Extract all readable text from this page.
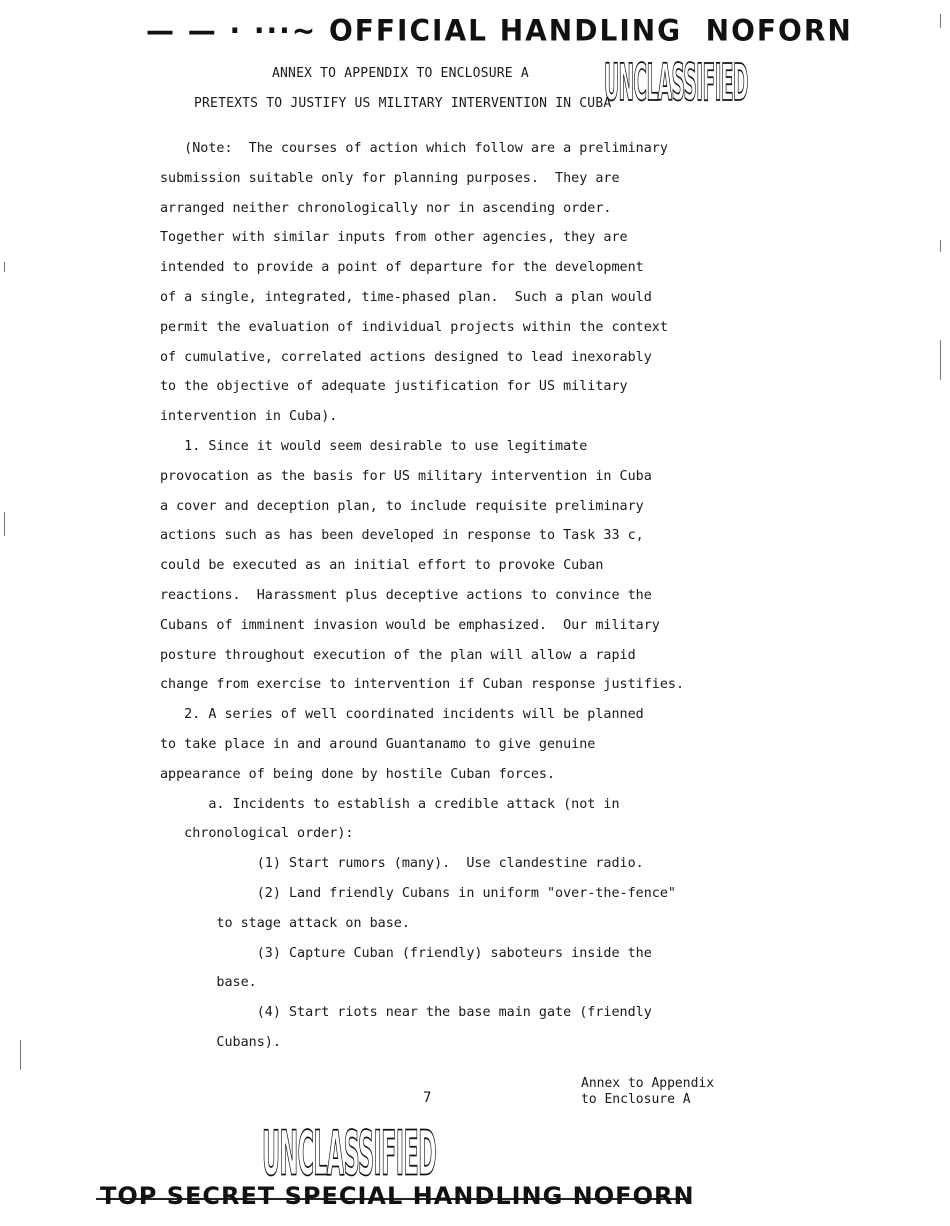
— — · ···~ OFFICIAL HANDLING  NOFORN
UNCLASSIFIED
ANNEX TO APPENDIX TO ENCLOSURE A
PRETEXTS TO JUSTIFY US MILITARY INTERVENTION IN CUBA
(Note:  The courses of action which follow are a preliminary
submission suitable only for planning purposes.  They are
arranged neither chronologically nor in ascending order.
Together with similar inputs from other agencies, they are
intended to provide a point of departure for the development
of a single, integrated, time-phased plan.  Such a plan would
permit the evaluation of individual projects within the context
of cumulative, correlated actions designed to lead inexorably
to the objective of adequate justification for US military
intervention in Cuba).
1. Since it would seem desirable to use legitimate
provocation as the basis for US military intervention in Cuba
a cover and deception plan, to include requisite preliminary
actions such as has been developed in response to Task 33 c,
could be executed as an initial effort to provoke Cuban
reactions.  Harassment plus deceptive actions to convince the
Cubans of imminent invasion would be emphasized.  Our military
posture throughout execution of the plan will allow a rapid
change from exercise to intervention if Cuban response justifies.
2. A series of well coordinated incidents will be planned
to take place in and around Guantanamo to give genuine
appearance of being done by hostile Cuban forces.
a. Incidents to establish a credible attack (not in
chronological order):
(1) Start rumors (many).  Use clandestine radio.
(2) Land friendly Cubans in uniform "over-the-fence"
to stage attack on base.
(3) Capture Cuban (friendly) saboteurs inside the
base.
(4) Start riots near the base main gate (friendly
Cubans).
7
Annex to Appendix
to Enclosure A
UNCLASSIFIED
TOP SECRET SPECIAL HANDLING NOFORN
